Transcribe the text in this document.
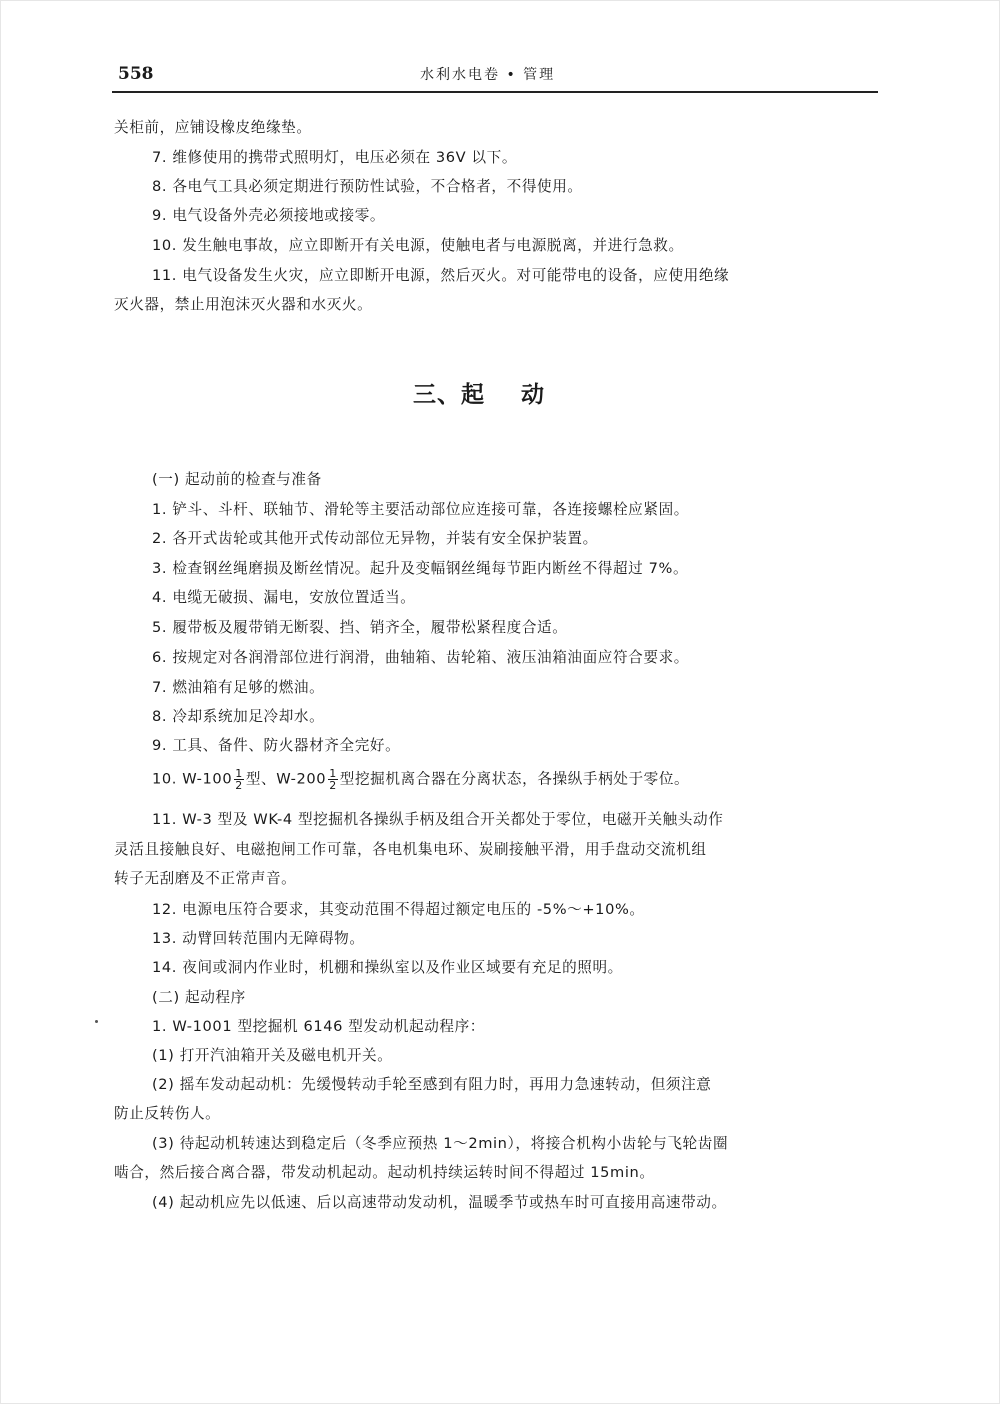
558	水利水电卷 • 管理
关柜前，应铺设橡皮绝缘垫。
7. 维修使用的携带式照明灯，电压必须在 36V 以下。
8. 各电气工具必须定期进行预防性试验，不合格者，不得使用。
9. 电气设备外壳必须接地或接零。
10. 发生触电事故，应立即断开有关电源，使触电者与电源脱离，并进行急救。
11. 电气设备发生火灾，应立即断开电源，然后灭火。对可能带电的设备，应使用绝缘
灭火器，禁止用泡沫灭火器和水灭火。
三、起    动
(一) 起动前的检查与准备
1. 铲斗、斗杆、联轴节、滑轮等主要活动部位应连接可靠，各连接螺栓应紧固。
2. 各开式齿轮或其他开式传动部位无异物，并装有安全保护装置。
3. 检查钢丝绳磨损及断丝情况。起升及变幅钢丝绳每节距内断丝不得超过 7%。
4. 电缆无破损、漏电，安放位置适当。
5. 履带板及履带销无断裂、挡、销齐全，履带松紧程度合适。
6. 按规定对各润滑部位进行润滑，曲轴箱、齿轮箱、液压油箱油面应符合要求。
7. 燃油箱有足够的燃油。
8. 冷却系统加足冷却水。
9. 工具、备件、防火器材齐全完好。
10. $W-100 \frac{1}{2}$ 型、$W-200 \frac{1}{2}$ 型挖掘机离合器在分离状态，各操纵手柄处于零位。
11. W-3 型及 WK-4 型挖掘机各操纵手柄及组合开关都处于零位，电磁开关触头动作
灵活且接触良好、电磁抱闸工作可靠，各电机集电环、炭刷接触平滑，用手盘动交流机组
转子无刮磨及不正常声音。
12. 电源电压符合要求，其变动范围不得超过额定电压的 -5%～+10%。
13. 动臂回转范围内无障碍物。
14. 夜间或洞内作业时，机棚和操纵室以及作业区域要有充足的照明。
(二) 起动程序
1. W-1001 型挖掘机 6146 型发动机起动程序：
(1) 打开汽油箱开关及磁电机开关。
(2) 摇车发动起动机：先缓慢转动手轮至感到有阻力时，再用力急速转动，但须注意
防止反转伤人。
(3) 待起动机转速达到稳定后（冬季应预热 1～2min），将接合机构小齿轮与飞轮齿圈
啮合，然后接合离合器，带发动机起动。起动机持续运转时间不得超过 15min。
(4) 起动机应先以低速、后以高速带动发动机，温暖季节或热车时可直接用高速带动。
